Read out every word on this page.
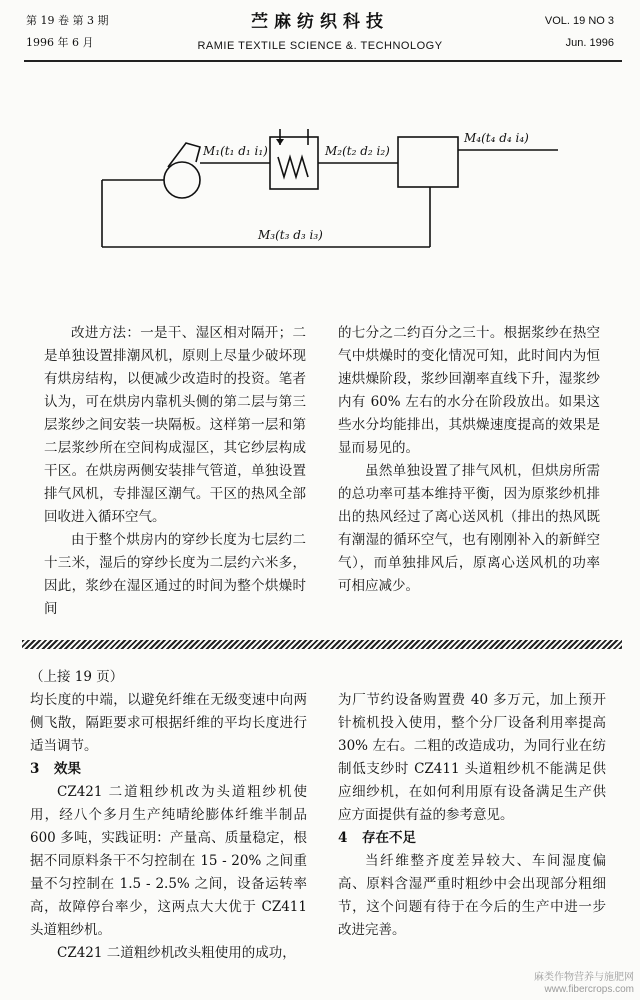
第 19 卷 第 3 期
1996 年 6 月
苎麻纺织科技
RAMIE TEXTILE SCIENCE &. TECHNOLOGY
VOL. 19 NO 3
Jun. 1996
M₁(t₁ d₁ i₁)	M₂(t₂ d₂ i₂)
M₃(t₃ d₃ i₃)
M₄(t₄ d₄ i₄)

改进方法：一是干、湿区相对隔开；二是单独设置排潮风机，原则上尽量少破坏现有烘房结构，以便减少改造时的投资。笔者认为，可在烘房内靠机头侧的第二层与第三层浆纱之间安装一块隔板。这样第一层和第二层浆纱所在空间构成湿区，其它纱层构成干区。在烘房两侧安装排气管道，单独设置排气风机，专排湿区潮气。干区的热风全部回收进入循环空气。

由于整个烘房内的穿纱长度为七层约二十三米，湿后的穿纱长度为二层约六米多，因此，浆纱在湿区通过的时间为整个烘燥时间

的七分之二约百分之三十。根据浆纱在热空气中烘燥时的变化情况可知，此时间内为恒速烘燥阶段，浆纱回潮率直线下升，湿浆纱内有 60% 左右的水分在阶段放出。如果这些水分均能排出，其烘燥速度提高的效果是显而易见的。

虽然单独设置了排气风机，但烘房所需的总功率可基本维持平衡，因为原浆纱机排出的热风经过了离心送风机（排出的热风既有潮湿的循环空气，也有刚刚补入的新鲜空气），而单独排风后，原离心送风机的功率可相应减少。

（上接 19 页）

均长度的中端，以避免纤维在无级变速中向两侧飞散，隔距要求可根据纤维的平均长度进行适当调节。

3 效果

CZ421 二道粗纱机改为头道粗纱机使用，经八个多月生产纯晴纶膨体纤维半制品 600 多吨，实践证明：产量高、质量稳定，根据不同原料条干不匀控制在 15 - 20% 之间重量不匀控制在 1.5 - 2.5% 之间，设备运转率高，故障停台率少，这两点大大优于 CZ411 头道粗纱机。

CZ421 二道粗纱机改头粗使用的成功，

为厂节约设备购置费 40 多万元，加上预开针梳机投入使用，整个分厂设备利用率提高 30% 左右。二粗的改造成功，为同行业在纺制低支纱时 CZ411 头道粗纱机不能满足供应细纱机，在如何利用原有设备满足生产供应方面提供有益的参考意见。

4 存在不足

当纤维整齐度差异较大、车间湿度偏高、原料含湿严重时粗纱中会出现部分粗细节，这个问题有待于在今后的生产中进一步改进完善。

麻类作物营养与施肥网
www.fibercrops.com
